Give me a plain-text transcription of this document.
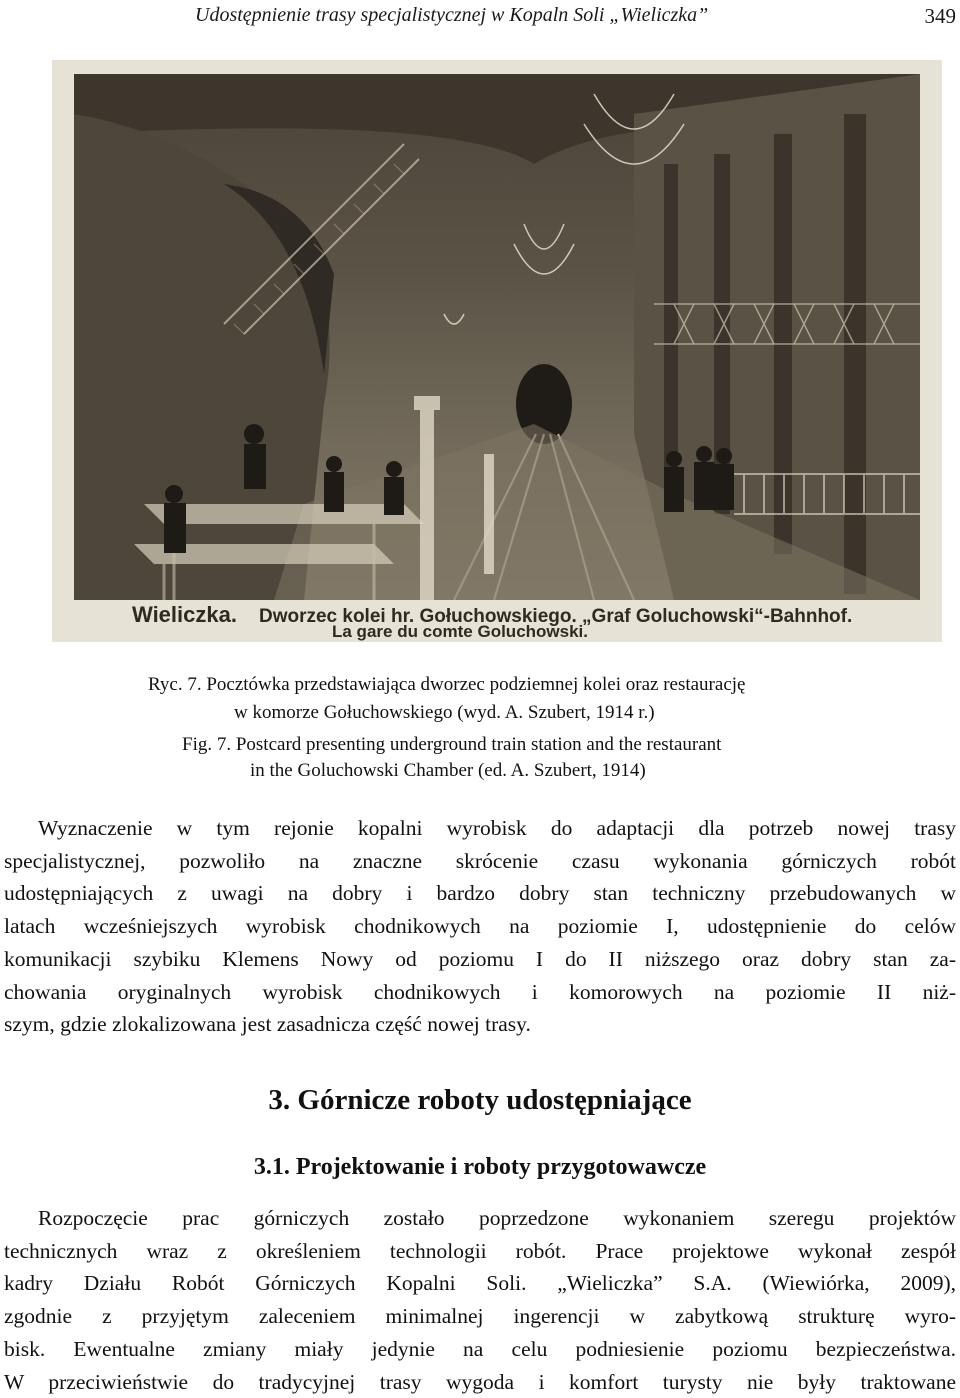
Udostępnienie trasy specjalistycznej w Kopaln Soli „Wieliczka”	349
Wieliczka. Dworzec kolei hr. Gołuchowskiego. „Graf Goluchowski“-Bahnhof.
La gare du comte Goluchowski.
Ryc. 7. Pocztówka przedstawiająca dworzec podziemnej kolei oraz restaurację
w komorze Gołuchowskiego (wyd. A. Szubert, 1914 r.)
Fig. 7. Postcard presenting underground train station and the restaurant
in the Goluchowski Chamber (ed. A. Szubert, 1914)
Wyznaczenie w tym rejonie kopalni wyrobisk do adaptacji dla potrzeb nowej trasy
specjalistycznej, pozwoliło na znaczne skrócenie czasu wykonania górniczych robót
udostępniających z uwagi na dobry i bardzo dobry stan techniczny przebudowanych w
latach wcześniejszych wyrobisk chodnikowych na poziomie I, udostępnienie do celów
komunikacji szybiku Klemens Nowy od poziomu I do II niższego oraz dobry stan za-
chowania oryginalnych wyrobisk chodnikowych i komorowych na poziomie II niż-
szym, gdzie zlokalizowana jest zasadnicza część nowej trasy.
3. Górnicze roboty udostępniające
3.1. Projektowanie i roboty przygotowawcze
Rozpoczęcie prac górniczych zostało poprzedzone wykonaniem szeregu projektów
technicznych wraz z określeniem technologii robót. Prace projektowe wykonał zespół
kadry Działu Robót Górniczych Kopalni Soli. „Wieliczka” S.A. (Wiewiórka, 2009),
zgodnie z przyjętym zaleceniem minimalnej ingerencji w zabytkową strukturę wyro-
bisk. Ewentualne zmiany miały jedynie na celu podniesienie poziomu bezpieczeństwa.
W przeciwieństwie do tradycyjnej trasy wygoda i komfort turysty nie były traktowane
